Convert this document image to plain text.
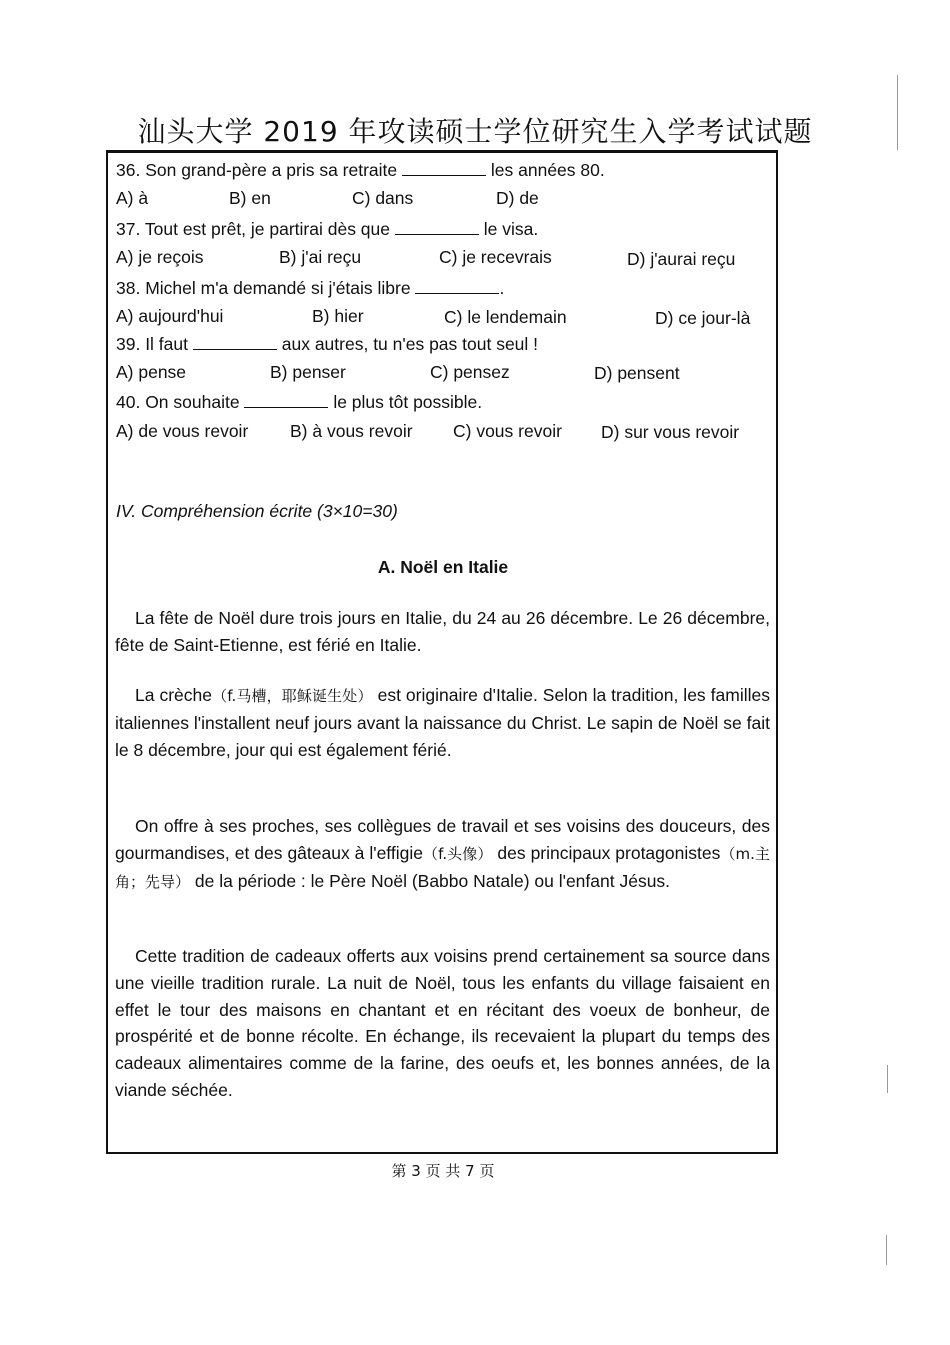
汕头大学 2019 年攻读硕士学位研究生入学考试试题
36. Son grand-père a pris sa retraite	les années 80.
A) à	B) en	C) dans	D) de
37. Tout est prêt, je partirai dès que	le visa.
A) je reçois	B) j'ai reçu	C) je recevrais	D) j'aurai reçu
38. Michel m'a demandé si j'étais libre	.
A) aujourd'hui	B) hier	C) le lendemain	D) ce jour-là
39. Il faut	aux autres, tu n'es pas tout seul !
A) pense	B) penser	C) pensez	D) pensent
40. On souhaite	le plus tôt possible.
A) de vous revoir B) à vous revoir C) vous revoir D) sur vous revoir
IV. Compréhension écrite (3×10=30)
A. Noël en Italie
La fête de Noël dure trois jours en Italie, du 24 au 26 décembre. Le 26 décembre, fête de Saint-Etienne, est férié en Italie.
La crèche（f.马槽，耶稣诞生处） est originaire d'Italie. Selon la tradition, les familles italiennes l'installent neuf jours avant la naissance du Christ. Le sapin de Noël se fait le 8 décembre, jour qui est également férié.
On offre à ses proches, ses collègues de travail et ses voisins des douceurs, des gourmandises, et des gâteaux à l'effigie（f.头像） des principaux protagonistes（m.主角；先导） de la période : le Père Noël (Babbo Natale) ou l'enfant Jésus.
Cette tradition de cadeaux offerts aux voisins prend certainement sa source dans une vieille tradition rurale. La nuit de Noël, tous les enfants du village faisaient en effet le tour des maisons en chantant et en récitant des voeux de bonheur, de prospérité et de bonne récolte. En échange, ils recevaient la plupart du temps des cadeaux alimentaires comme de la farine, des oeufs et, les bonnes années, de la viande séchée.
第 3 页 共 7 页
